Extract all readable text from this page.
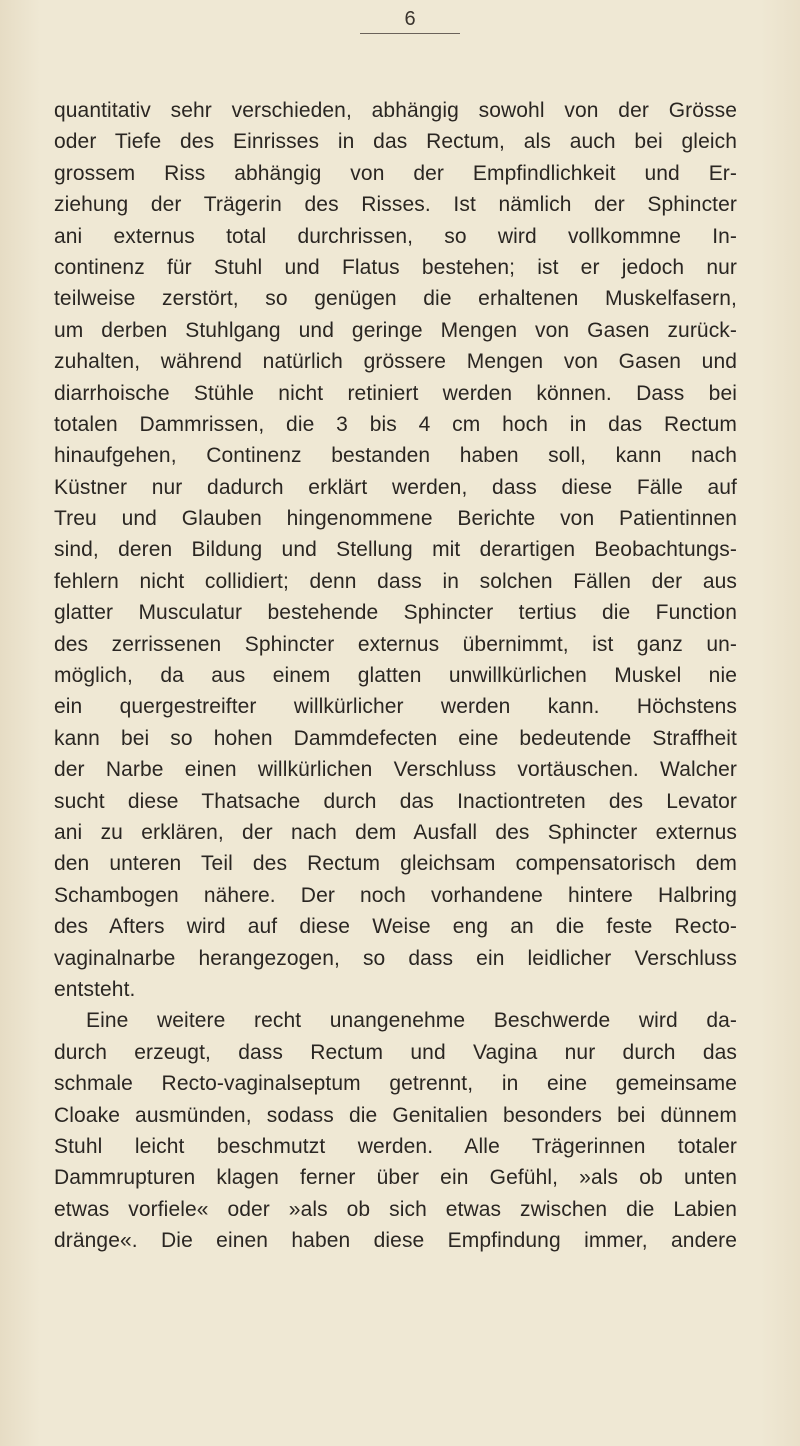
6
quantitativ sehr verschieden, abhängig sowohl von der Grösse
oder Tiefe des Einrisses in das Rectum, als auch bei gleich
grossem Riss abhängig von der Empfindlichkeit und Er-
ziehung der Trägerin des Risses. Ist nämlich der Sphincter
ani externus total durchrissen, so wird vollkommne In-
continenz für Stuhl und Flatus bestehen; ist er jedoch nur
teilweise zerstört, so genügen die erhaltenen Muskelfasern,
um derben Stuhlgang und geringe Mengen von Gasen zurück-
zuhalten, während natürlich grössere Mengen von Gasen und
diarrhoische Stühle nicht retiniert werden können. Dass bei
totalen Dammrissen, die 3 bis 4 cm hoch in das Rectum
hinaufgehen, Continenz bestanden haben soll, kann nach
Küstner nur dadurch erklärt werden, dass diese Fälle auf
Treu und Glauben hingenommene Berichte von Patientinnen
sind, deren Bildung und Stellung mit derartigen Beobachtungs-
fehlern nicht collidiert; denn dass in solchen Fällen der aus
glatter Musculatur bestehende Sphincter tertius die Function
des zerrissenen Sphincter externus übernimmt, ist ganz un-
möglich, da aus einem glatten unwillkürlichen Muskel nie
ein quergestreifter willkürlicher werden kann. Höchstens
kann bei so hohen Dammdefecten eine bedeutende Straffheit
der Narbe einen willkürlichen Verschluss vortäuschen. Walcher
sucht diese Thatsache durch das Inactiontreten des Levator
ani zu erklären, der nach dem Ausfall des Sphincter externus
den unteren Teil des Rectum gleichsam compensatorisch dem
Schambogen nähere. Der noch vorhandene hintere Halbring
des Afters wird auf diese Weise eng an die feste Recto-
vaginalnarbe herangezogen, so dass ein leidlicher Verschluss
entsteht.
Eine weitere recht unangenehme Beschwerde wird da-
durch erzeugt, dass Rectum und Vagina nur durch das
schmale Recto-vaginalseptum getrennt, in eine gemeinsame
Cloake ausmünden, sodass die Genitalien besonders bei dünnem
Stuhl leicht beschmutzt werden. Alle Trägerinnen totaler
Dammrupturen klagen ferner über ein Gefühl, »als ob unten
etwas vorfiele« oder »als ob sich etwas zwischen die Labien
dränge«. Die einen haben diese Empfindung immer, andere
